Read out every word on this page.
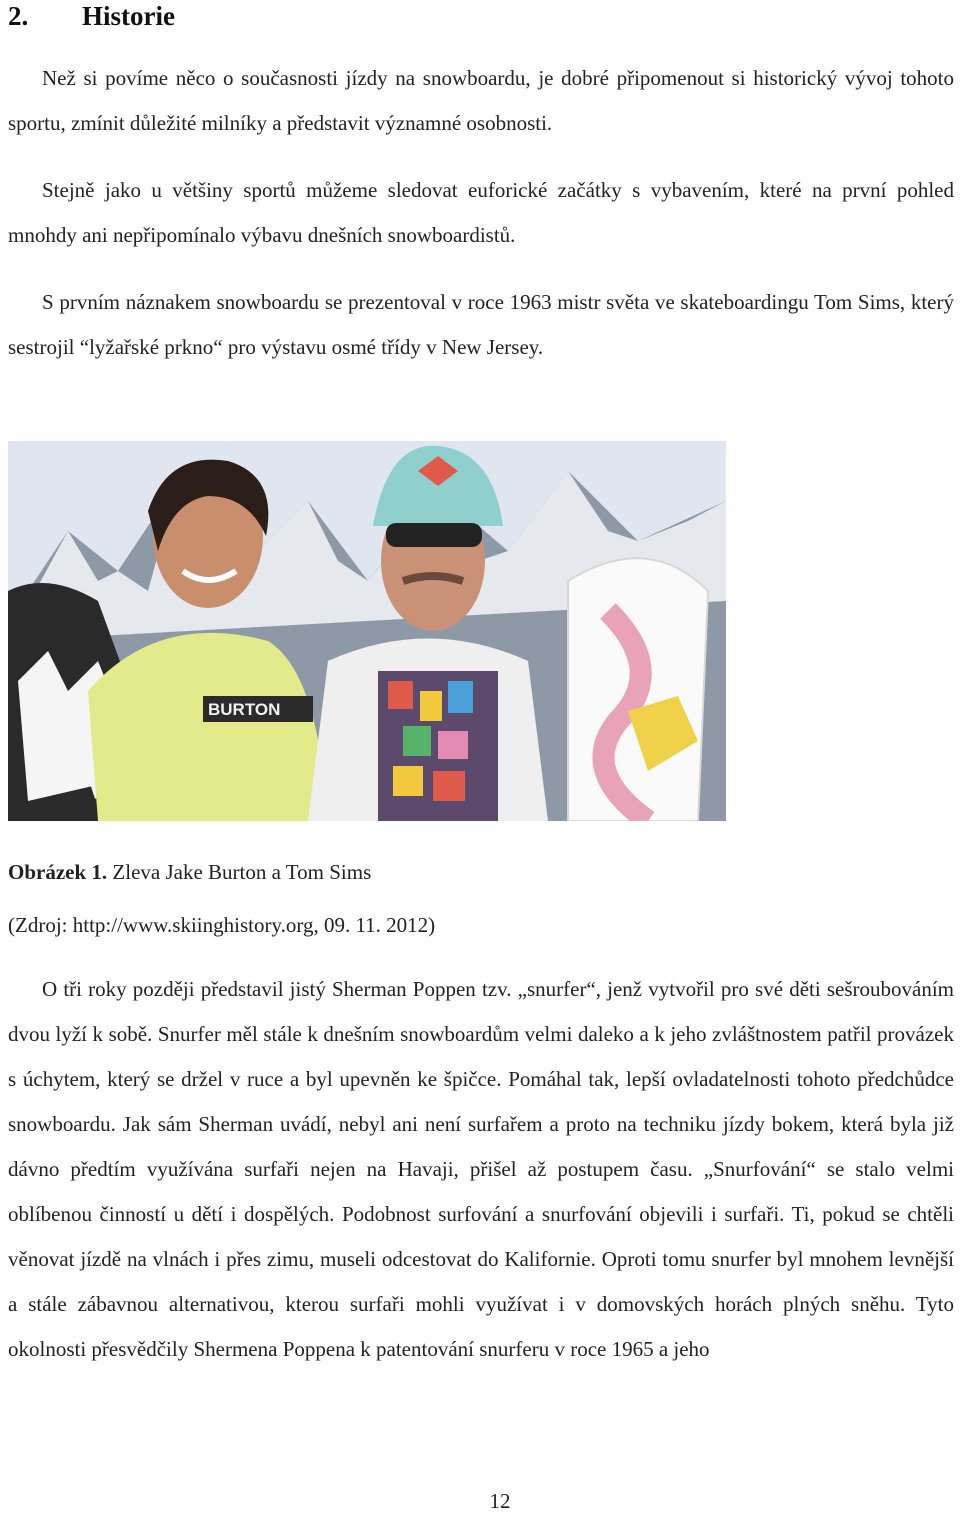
2. Historie

Než si povíme něco o současnosti jízdy na snowboardu, je dobré připomenout si historický vývoj tohoto sportu, zmínit důležité milníky a představit významné osobnosti.

Stejně jako u většiny sportů můžeme sledovat euforické začátky s vybavením, které na první pohled mnohdy ani nepřipomínalo výbavu dnešních snowboardistů.

S prvním náznakem snowboardu se prezentoval v roce 1963 mistr světa ve skateboardingu Tom Sims, který sestrojil “lyžařské prkno“ pro výstavu osmé třídy v New Jersey.

BURTON

Obrázek 1. Zleva Jake Burton a Tom Sims

(Zdroj: http://www.skiinghistory.org, 09. 11. 2012)

O tři roky později představil jistý Sherman Poppen tzv. „snurfer“, jenž vytvořil pro své děti sešroubováním dvou lyží k sobě. Snurfer měl stále k dnešním snowboardům velmi daleko a k jeho zvláštnostem patřil provázek s úchytem, který se držel v ruce a byl upevněn ke špičce. Pomáhal tak, lepší ovladatelnosti tohoto předchůdce snowboardu. Jak sám Sherman uvádí, nebyl ani není surfařem a proto na techniku jízdy bokem, která byla již dávno předtím využívána surfaři nejen na Havaji, přišel až postupem času. „Snurfování“ se stalo velmi oblíbenou činností u dětí i dospělých. Podobnost surfování a snurfování objevili i surfaři. Ti, pokud se chtěli věnovat jízdě na vlnách i přes zimu, museli odcestovat do Kalifornie. Oproti tomu snurfer byl mnohem levnější a stále zábavnou alternativou, kterou surfaři mohli využívat i v domovských horách plných sněhu. Tyto okolnosti přesvědčily Shermena Poppena k patentování snurferu v roce 1965 a jeho

12
